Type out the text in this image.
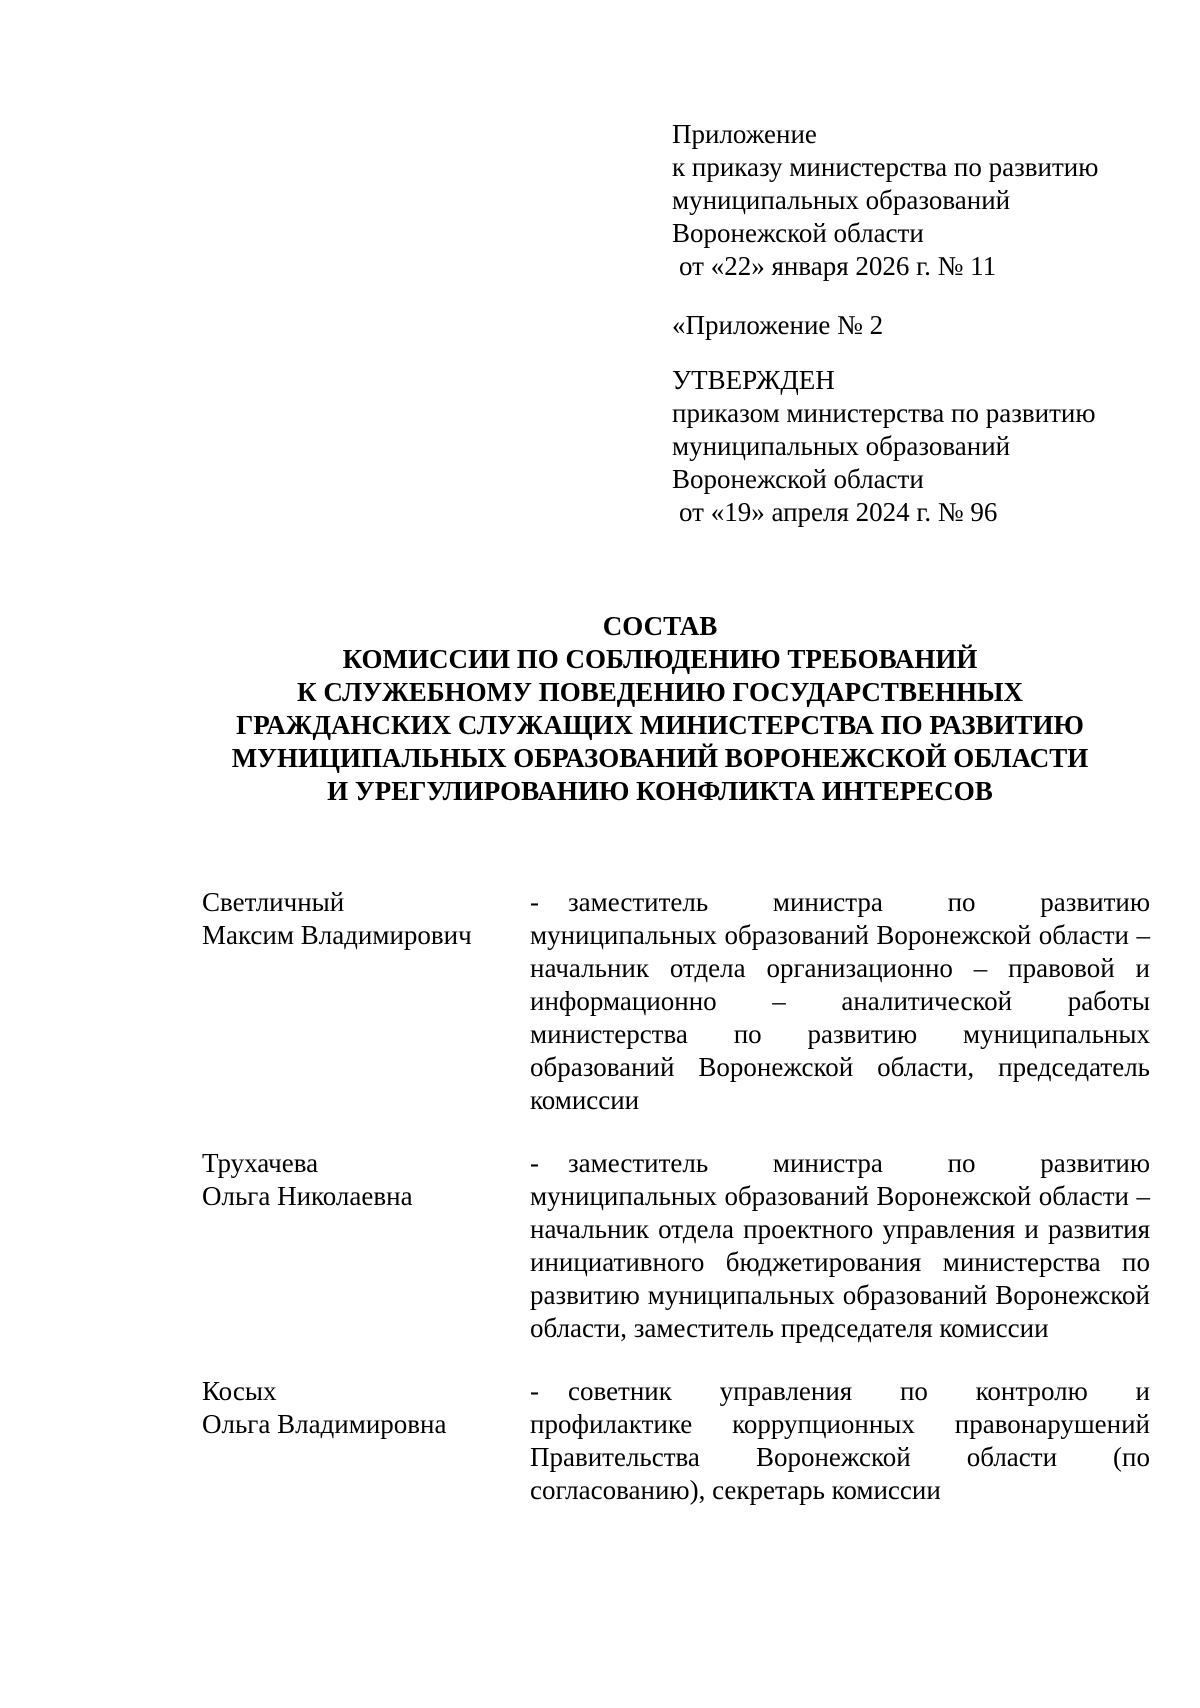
Приложение
к приказу министерства по развитию
муниципальных образований
Воронежской области
от «22» января 2026 г. № 11
«Приложение № 2
УТВЕРЖДЕН
приказом министерства по развитию
муниципальных образований
Воронежской области
от «19» апреля 2024 г. № 96
СОСТАВ
КОМИССИИ ПО СОБЛЮДЕНИЮ ТРЕБОВАНИЙ
К СЛУЖЕБНОМУ ПОВЕДЕНИЮ ГОСУДАРСТВЕННЫХ
ГРАЖДАНСКИХ СЛУЖАЩИХ МИНИСТЕРСТВА ПО РАЗВИТИЮ
МУНИЦИПАЛЬНЫХ ОБРАЗОВАНИЙ ВОРОНЕЖСКОЙ ОБЛАСТИ
И УРЕГУЛИРОВАНИЮ КОНФЛИКТА ИНТЕРЕСОВ
Светличный
Максим Владимирович
- заместитель министра по развитию муниципальных образований Воронежской области – начальник отдела организационно – правовой и информационно – аналитической работы министерства по развитию муниципальных образований Воронежской области, председатель комиссии
Трухачева
Ольга Николаевна
- заместитель министра по развитию муниципальных образований Воронежской области – начальник отдела проектного управления и развития инициативного бюджетирования министерства по развитию муниципальных образований Воронежской области, заместитель председателя комиссии
Косых
Ольга Владимировна
- советник управления по контролю и профилактике коррупционных правонарушений Правительства Воронежской области (по согласованию), секретарь комиссии
